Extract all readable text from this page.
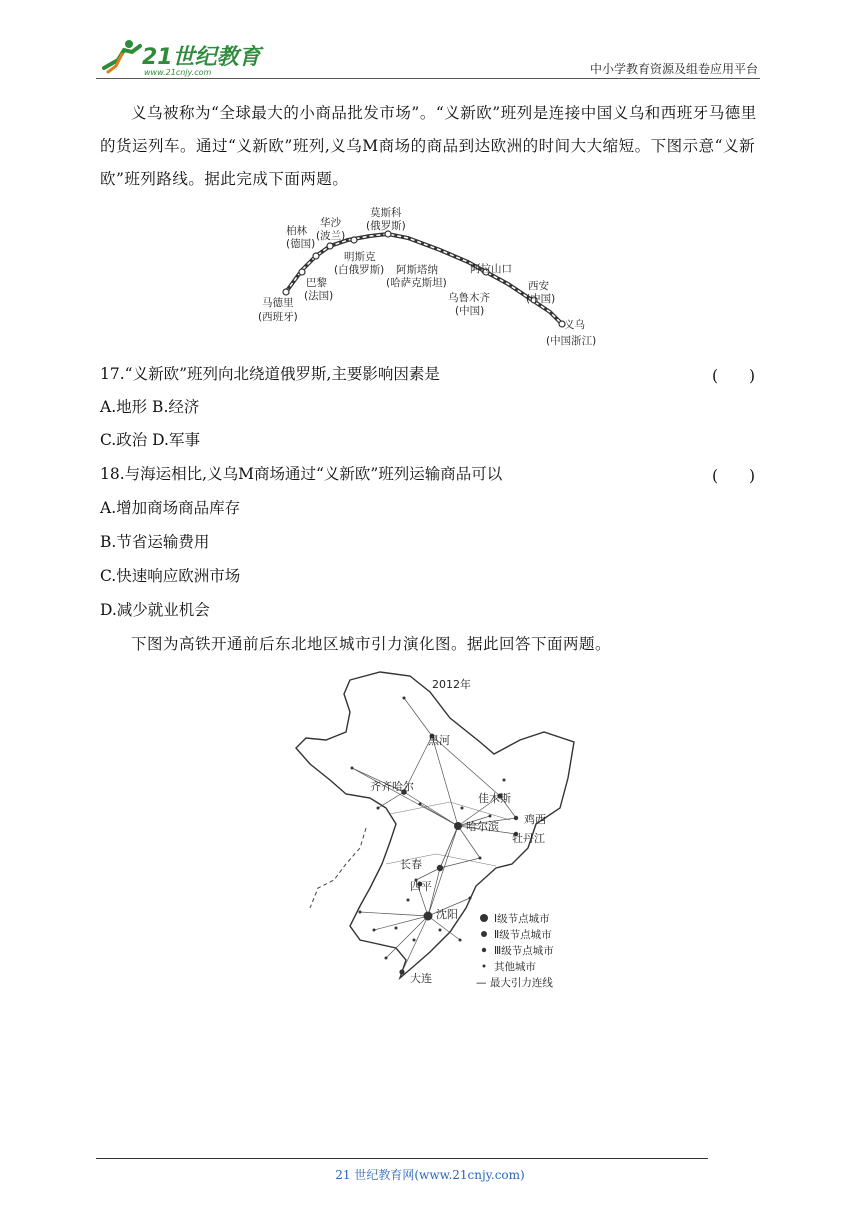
21世纪教育
www.21cnjy.com	中小学教育资源及组卷应用平台
义乌被称为“全球最大的小商品批发市场”。“义新欧”班列是连接中国义乌和西班牙马德里的货运列车。通过“义新欧”班列,义乌M商场的商品到达欧洲的时间大大缩短。下图示意“义新欧”班列路线。据此完成下面两题。
柏林
(德国)
华沙
(波兰)
莫斯科
(俄罗斯)
明斯克
(白俄罗斯)
巴黎
(法国)
马德里
(西班牙)
阿斯塔纳
(哈萨克斯坦)
阿拉山口
乌鲁木齐
(中国)
西安
(中国)
义乌
(中国浙江)
17.“义新欧”班列向北绕道俄罗斯,主要影响因素是	(　　)
A.地形 B.经济
C.政治 D.军事
18.与海运相比,义乌M商场通过“义新欧”班列运输商品可以	(　　)
A.增加商场商品库存
B.节省运输费用
C.快速响应欧洲市场
D.减少就业机会
下图为高铁开通前后东北地区城市引力演化图。据此回答下面两题。
2012年
黑河
齐齐哈尔
佳木斯
鸡西
哈尔滨
牡丹江
长春
四平
沈阳
大连
Ⅰ级节点城市
Ⅱ级节点城市
Ⅲ级节点城市
其他城市
— 最大引力连线
21 世纪教育网(www.21cnjy.com)
